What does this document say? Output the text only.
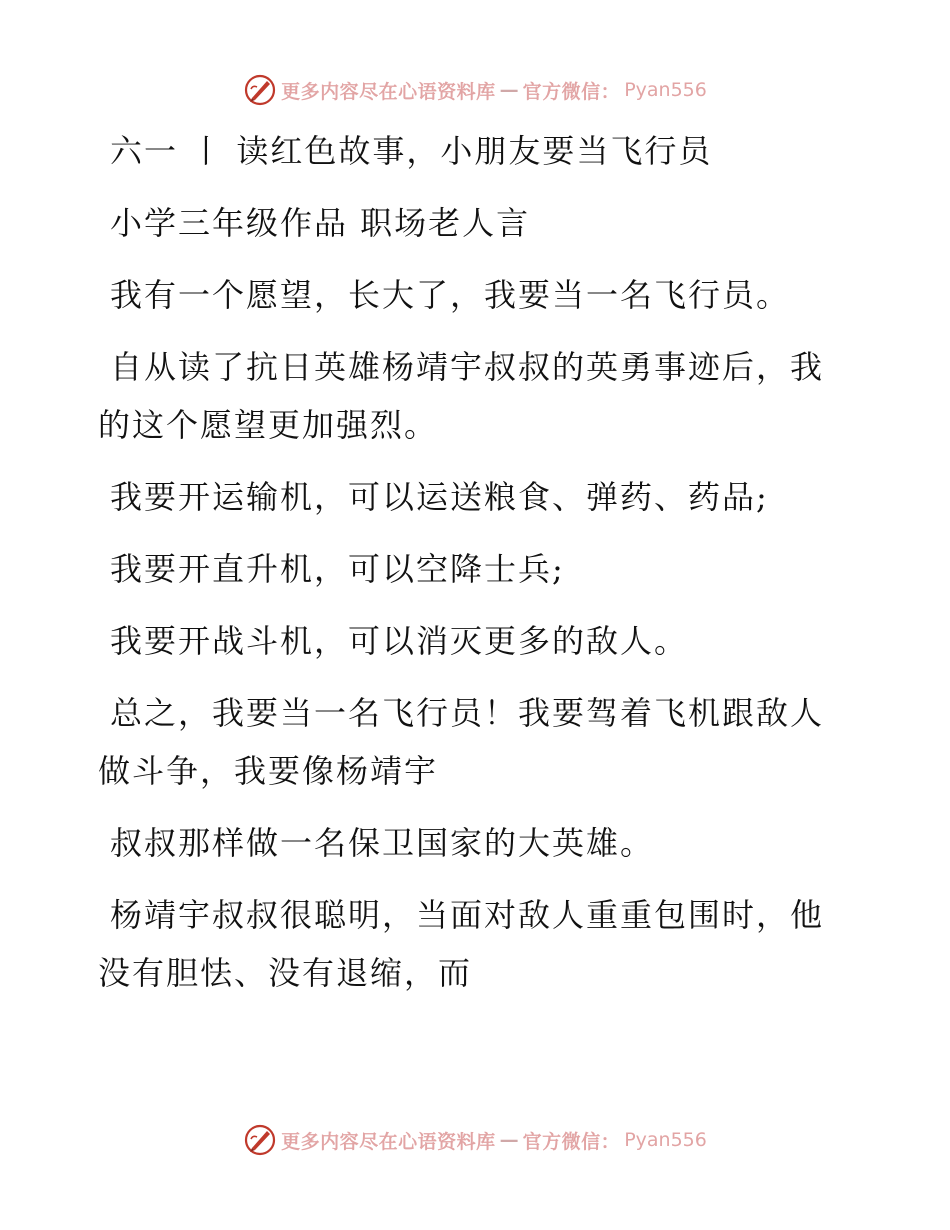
更多内容尽在心语资料库 — 官方微信： Pyan556

六一 丨 读红色故事，小朋友要当飞行员

小学三年级作品 职场老人言

我有一个愿望，长大了，我要当一名飞行员。

自从读了抗日英雄杨靖宇叔叔的英勇事迹后，我

的这个愿望更加强烈。

我要开运输机，可以运送粮食、弹药、药品;

我要开直升机，可以空降士兵;

我要开战斗机，可以消灭更多的敌人。

总之，我要当一名飞行员！我要驾着飞机跟敌人

做斗争，我要像杨靖宇

叔叔那样做一名保卫国家的大英雄。

杨靖宇叔叔很聪明，当面对敌人重重包围时，他

没有胆怯、没有退缩，而

更多内容尽在心语资料库 — 官方微信： Pyan556
